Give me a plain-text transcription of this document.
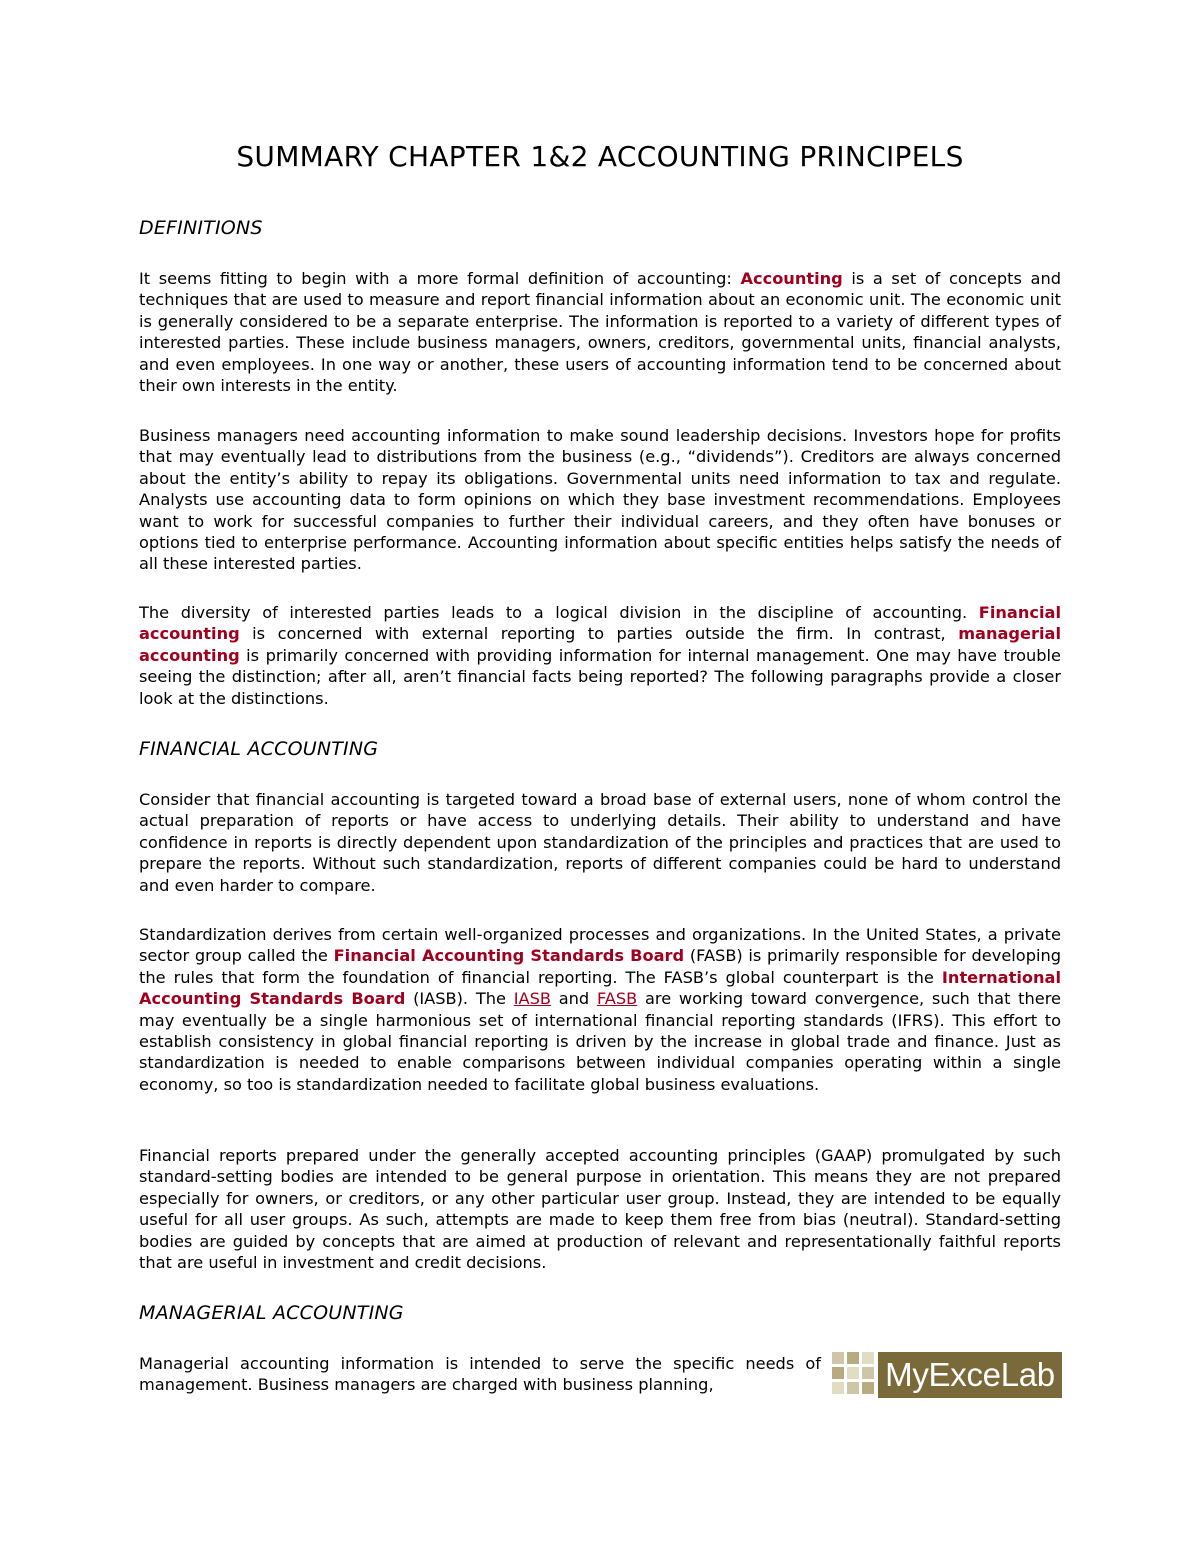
SUMMARY CHAPTER 1&2 ACCOUNTING PRINCIPELS
DEFINITIONS

It seems fitting to begin with a more formal definition of accounting: Accounting is a set of concepts and techniques that are used to measure and report financial information about an economic unit. The economic unit is generally considered to be a separate enterprise. The information is reported to a variety of different types of interested parties. These include business managers, owners, creditors, governmental units, financial analysts, and even employees. In one way or another, these users of accounting information tend to be concerned about their own interests in the entity.

Business managers need accounting information to make sound leadership decisions. Investors hope for profits that may eventually lead to distributions from the business (e.g., “dividends”). Creditors are always concerned about the entity’s ability to repay its obligations. Governmental units need information to tax and regulate. Analysts use accounting data to form opinions on which they base investment recommendations. Employees want to work for successful companies to further their individual careers, and they often have bonuses or options tied to enterprise performance. Accounting information about specific entities helps satisfy the needs of all these interested parties.

The diversity of interested parties leads to a logical division in the discipline of accounting. Financial accounting is concerned with external reporting to parties outside the firm. In contrast, managerial accounting is primarily concerned with providing information for internal management. One may have trouble seeing the distinction; after all, aren’t financial facts being reported? The following paragraphs provide a closer look at the distinctions.

FINANCIAL ACCOUNTING

Consider that financial accounting is targeted toward a broad base of external users, none of whom control the actual preparation of reports or have access to underlying details. Their ability to understand and have confidence in reports is directly dependent upon standardization of the principles and practices that are used to prepare the reports. Without such standardization, reports of different companies could be hard to understand and even harder to compare.

Standardization derives from certain well-organized processes and organizations. In the United States, a private sector group called the Financial Accounting Standards Board (FASB) is primarily responsible for developing the rules that form the foundation of financial reporting. The FASB’s global counterpart is the International Accounting Standards Board (IASB). The IASB and FASB are working toward convergence, such that there may eventually be a single harmonious set of international financial reporting standards (IFRS). This effort to establish consistency in global financial reporting is driven by the increase in global trade and finance. Just as standardization is needed to enable comparisons between individual companies operating within a single economy, so too is standardization needed to facilitate global business evaluations.

Financial reports prepared under the generally accepted accounting principles (GAAP) promulgated by such standard-setting bodies are intended to be general purpose in orientation. This means they are not prepared especially for owners, or creditors, or any other particular user group. Instead, they are intended to be equally useful for all user groups. As such, attempts are made to keep them free from bias (neutral). Standard-setting bodies are guided by concepts that are aimed at production of relevant and representationally faithful reports that are useful in investment and credit decisions.

MANAGERIAL ACCOUNTING

Managerial accounting information is intended to serve the specific needs of management. Business managers are charged with business planning,	MyExceLab
